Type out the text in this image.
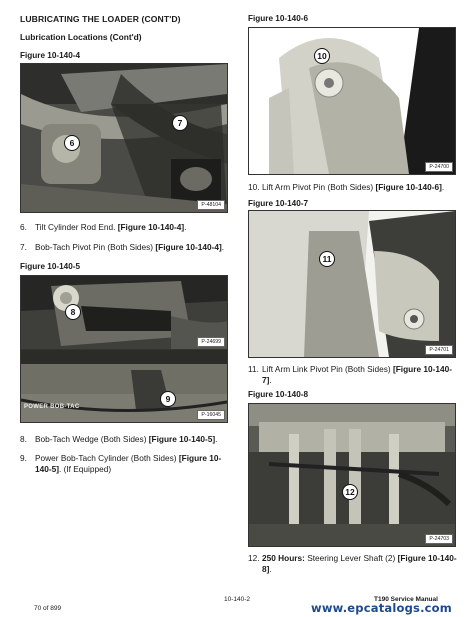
LUBRICATING THE LOADER (CONT'D)
Lubrication Locations (Cont'd)
Figure 10-140-4
6
7
P-48104
6. Tilt Cylinder Rod End. [Figure 10-140-4].
7. Bob-Tach Pivot Pin (Both Sides) [Figure 10-140-4].
Figure 10-140-5
8
P-24699
POWER BOB-TAC
9
P-16045
8. Bob-Tach Wedge (Both Sides) [Figure 10-140-5].
9. Power Bob-Tach Cylinder (Both Sides) [Figure 10-
140-5]. (If Equipped)
Figure 10-140-6
10
P-24700
10. Lift Arm Pivot Pin (Both Sides) [Figure 10-140-6].
Figure 10-140-7
11
P-24701
11. Lift Arm Link Pivot Pin (Both Sides) [Figure 10-140-
7].
Figure 10-140-8
12
P-24703
12. 250 Hours: Steering Lever Shaft (2) [Figure 10-140-
8].
10-140-2	T190 Service Manual
70 of 899	www.epcatalogs.com
